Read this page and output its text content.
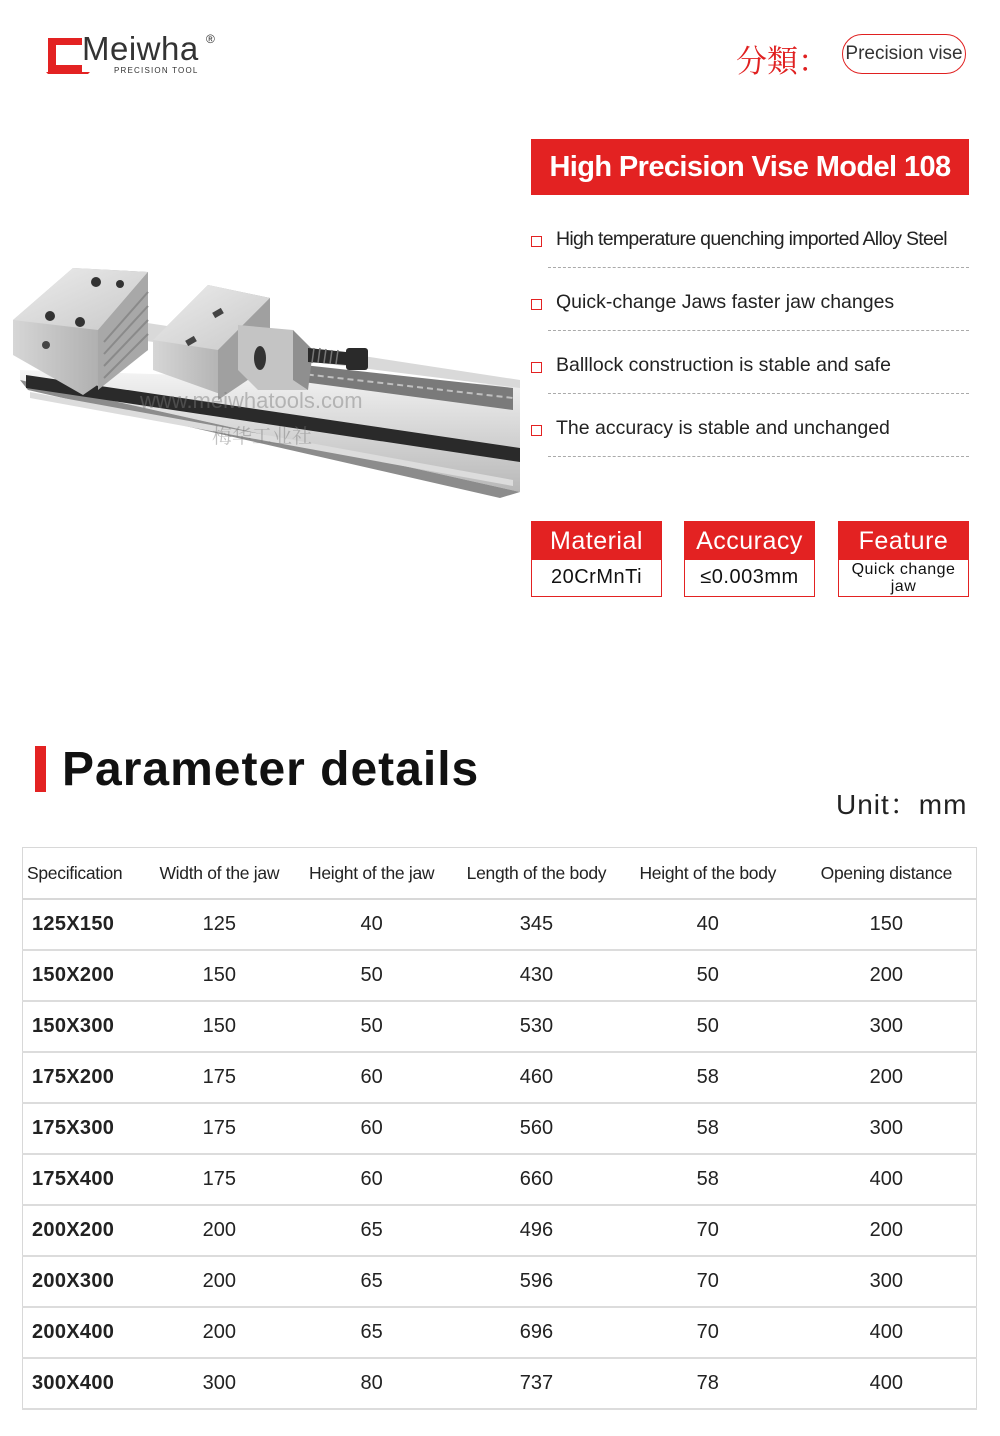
Meiwha ®
PRECISION TOOL	分類： Precision vise
www.meiwhatools.com
梅华工业社
High Precision Vise Model 108
High temperature quenching imported Alloy Steel
Quick-change Jaws faster jaw changes
Balllock construction is stable and safe
The accuracy is stable and unchanged
Material
20CrMnTi
Accuracy
≤0.003mm
Feature
Quick change jaw
Parameter details
Unit：mm
Specification	Width of the jaw	Height of the jaw	Length of the body	Height of the body	Opening distance
125X150	125	40	345	40	150
150X200	150	50	430	50	200
150X300	150	50	530	50	300
175X200	175	60	460	58	200
175X300	175	60	560	58	300
175X400	175	60	660	58	400
200X200	200	65	496	70	200
200X300	200	65	596	70	300
200X400	200	65	696	70	400
300X400	300	80	737	78	400
